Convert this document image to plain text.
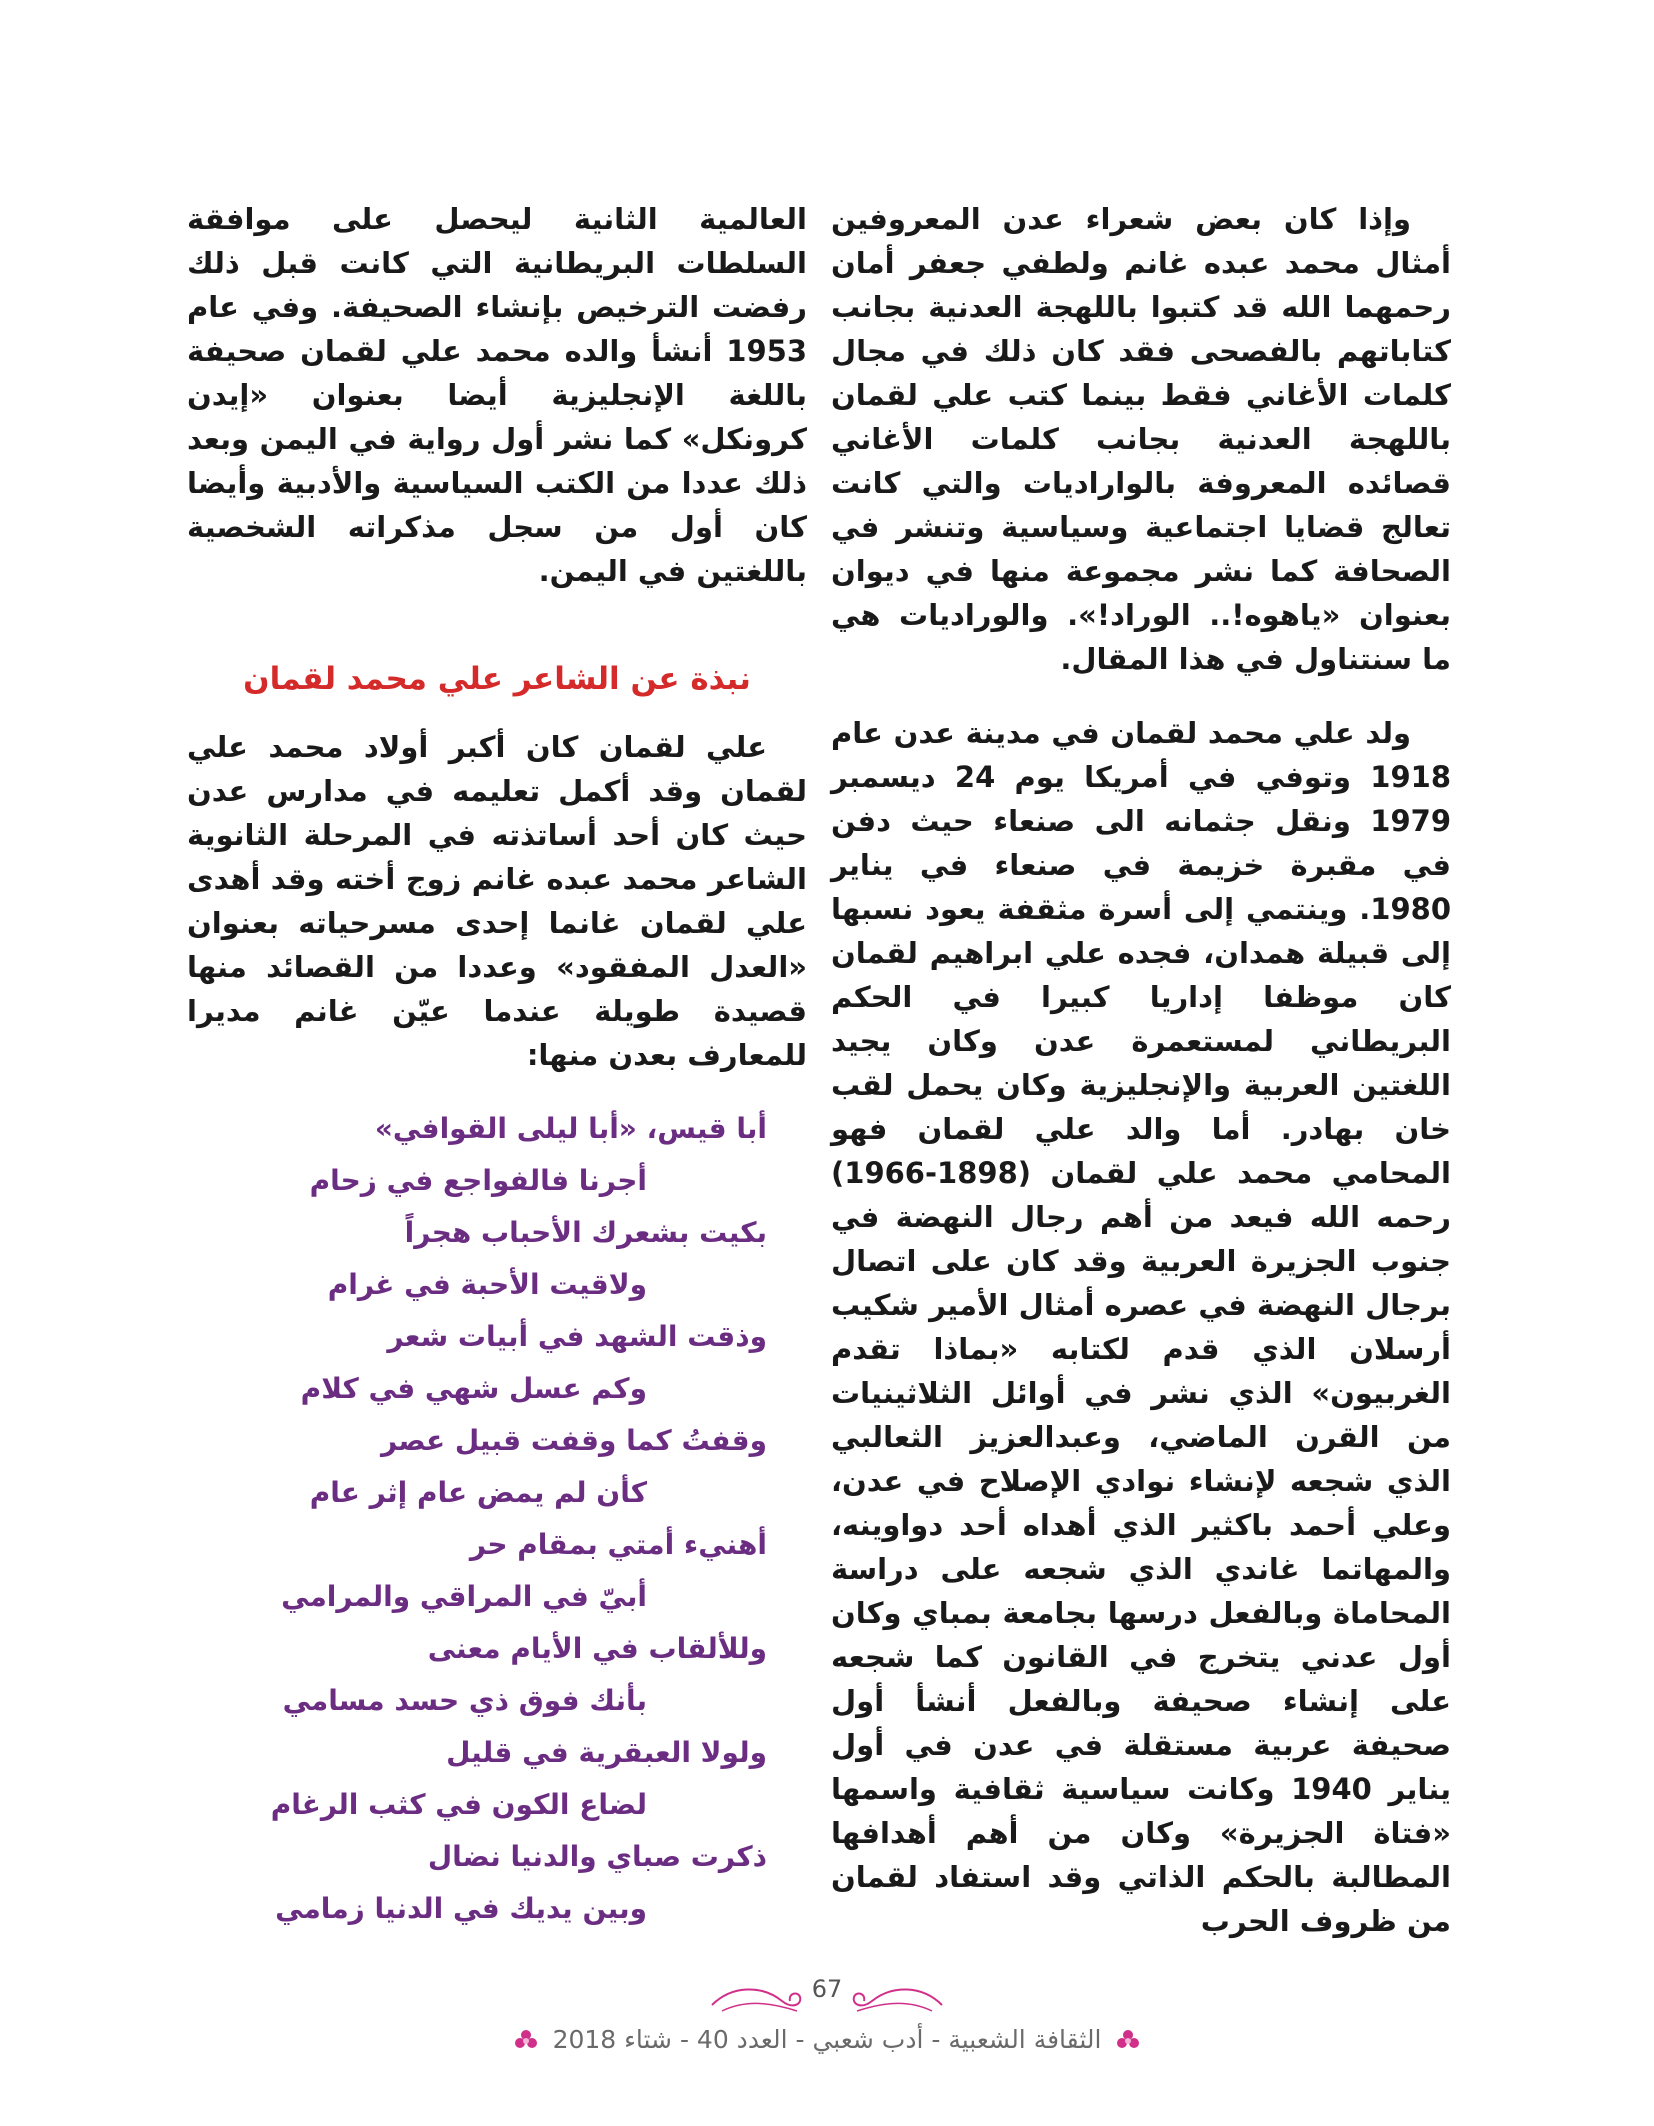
وإذا كان بعض شعراء عدن المعروفين أمثال محمد عبده غانم ولطفي جعفر أمان رحمهما الله قد كتبوا باللهجة العدنية بجانب كتاباتهم بالفصحى فقد كان ذلك في مجال كلمات الأغاني فقط بينما كتب علي لقمان باللهجة العدنية بجانب كلمات الأغاني قصائده المعروفة بالواراديات والتي كانت تعالج قضايا اجتماعية وسياسية وتنشر في الصحافة كما نشر مجموعة منها في ديوان بعنوان «ياهوه!.. الوراد!». والوراديات هي ما سنتناول في هذا المقال.

ولد علي محمد لقمان في مدينة عدن عام 1918 وتوفي في أمريكا يوم 24 ديسمبر 1979 ونقل جثمانه الى صنعاء حيث دفن في مقبرة خزيمة في صنعاء في يناير 1980. وينتمي إلى أسرة مثقفة يعود نسبها إلى قبيلة همدان، فجده علي ابراهيم لقمان كان موظفا إداريا كبيرا في الحكم البريطاني لمستعمرة عدن وكان يجيد اللغتين العربية والإنجليزية وكان يحمل لقب خان بهادر. أما والد علي لقمان فهو المحامي محمد علي لقمان (1898-1966) رحمه الله فيعد من أهم رجال النهضة في جنوب الجزيرة العربية وقد كان على اتصال برجال النهضة في عصره أمثال الأمير شكيب أرسلان الذي قدم لكتابه «بماذا تقدم الغربيون» الذي نشر في أوائل الثلاثينيات من القرن الماضي، وعبدالعزيز الثعالبي الذي شجعه لإنشاء نوادي الإصلاح في عدن، وعلي أحمد باكثير الذي أهداه أحد دواوينه، والمهاتما غاندي الذي شجعه على دراسة المحاماة وبالفعل درسها بجامعة بمباي وكان أول عدني يتخرج في القانون كما شجعه على إنشاء صحيفة وبالفعل أنشأ أول صحيفة عربية مستقلة في عدن في أول يناير 1940 وكانت سياسية ثقافية واسمها «فتاة الجزيرة» وكان من أهم أهدافها المطالبة بالحكم الذاتي وقد استفاد لقمان من ظروف الحرب

العالمية الثانية ليحصل على موافقة السلطات البريطانية التي كانت قبل ذلك رفضت الترخيص بإنشاء الصحيفة. وفي عام 1953 أنشأ والده محمد علي لقمان صحيفة باللغة الإنجليزية أيضا بعنوان «إيدن كرونكل» كما نشر أول رواية في اليمن وبعد ذلك عددا من الكتب السياسية والأدبية وأيضا كان أول من سجل مذكراته الشخصية باللغتين في اليمن.

نبذة عن الشاعر علي محمد لقمان

علي لقمان كان أكبر أولاد محمد علي لقمان وقد أكمل تعليمه في مدارس عدن حيث كان أحد أساتذته في المرحلة الثانوية الشاعر محمد عبده غانم زوج أخته وقد أهدى علي لقمان غانما إحدى مسرحياته بعنوان «العدل المفقود» وعددا من القصائد منها قصيدة طويلة عندما عيّن غانم مديرا للمعارف بعدن منها:

أبا قيس، «أبا ليلى القوافي»
أجرنا فالفواجع في زحام
بكيت بشعرك الأحباب هجراً
ولاقيت الأحبة في غرام
وذقت الشهد في أبيات شعر
وكم عسل شهي في كلام
وقفتُ كما وقفت قبيل عصر
كأن لم يمض عام إثر عام
أهنيء أمتي بمقام حر
أبيّ في المراقي والمرامي
وللألقاب في الأيام معنى
بأنك فوق ذي حسد مسامي
ولولا العبقرية في قليل
لضاع الكون في كثب الرغام
ذكرت صباي والدنيا نضال
وبين يديك في الدنيا زمامي
67
الثقافة الشعبية - أدب شعبي - العدد 40 - شتاء 2018
